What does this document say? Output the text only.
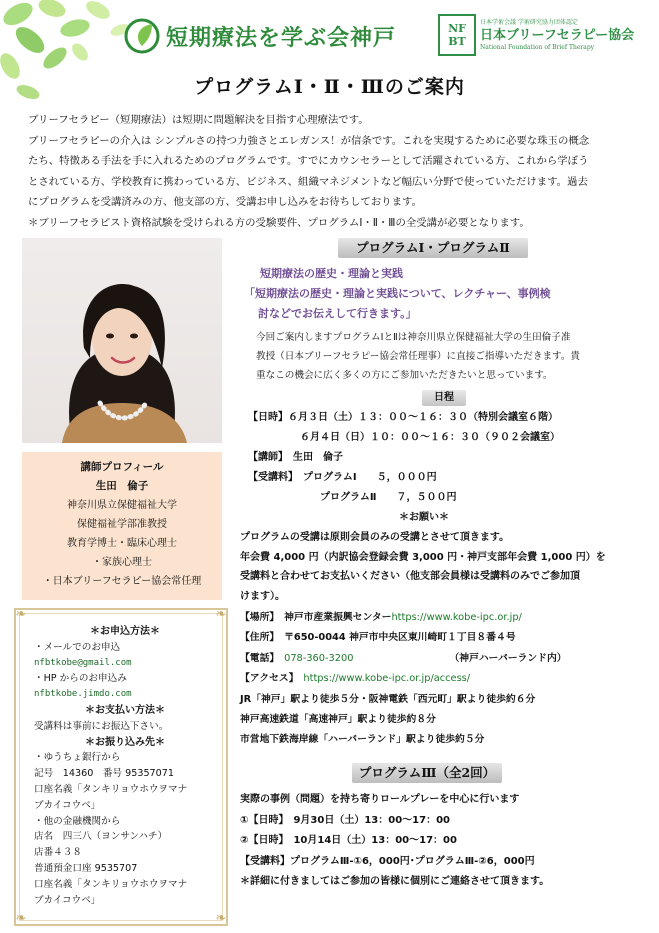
短期療法を学ぶ会神戸	NF
BT
日本学術会議 学術研究協力団体認定
日本ブリーフセラピー協会
National Foundation of Brief Therapy
プログラムⅠ・Ⅱ・Ⅲのご案内

ブリーフセラピー（短期療法）は短期に問題解決を目指す心理療法です。

ブリーフセラピーの介入は シンプルさの持つ力強さとエレガンス！が信条です。これを実現するために必要な珠玉の概念

たち、特徴ある手法を手に入れるためのプログラムです。すでにカウンセラーとして活躍されている方、これから学ぼう

とされている方、学校教育に携わっている方、ビジネス、組織マネジメントなど幅広い分野で使っていただけます。過去

にプログラムを受講済みの方、他支部の方、受講お申し込みをお待ちしております。

＊ブリーフセラピスト資格試験を受けられる方の受験要件、プログラムⅠ・Ⅱ・Ⅲの全受講が必要となります。

講師プロフィール
生田　倫子
神奈川県立保健福祉大学
保健福祉学部准教授
教育学博士・臨床心理士
・家族心理士
・日本ブリーフセラピー協会常任理
❧	❧
❧	❧
＊お申込方法＊
・メールでのお申込
nfbtkobe@gmail.com
・HP からのお申込み
nfbtkobe.jimdo.com
＊お支払い方法＊
受講料は事前にお振込下さい。
＊お振り込み先＊
・ゆうちょ銀行から
記号　14360　番号 95357071
口座名義「タンキリョウホウヲマナ
ブカイコウベ」
・他の金融機関から
店名　四三八（ヨンサンハチ）
店番４３８
普通預金口座 9535707
口座名義「タンキリョウホウヲマナ
ブカイコウベ」
プログラムⅠ・プログラムⅡ
短期療法の歴史・理論と実践
「短期療法の歴史・理論と実践について、レクチャー、事例検
討などでお伝えして行きます。」
今回ご案内しますプログラムⅠとⅡは神奈川県立保健福祉大学の生田倫子准
教授（日本ブリーフセラピー協会常任理事）に直接ご指導いただきます。貴
重なこの機会に広く多くの方にご参加いただきたいと思っています。
日程
【日時】６月３日（土）１３：００～１６：３０（特別会議室６階）
６月４日（日）１０：００～１６：３０（９０２会議室）
【講師】　生田　倫子
【受講料】　 プログラムⅠ　　５，０００円
プログラムⅡ　　７，５００円
＊お願い＊
プログラムの受講は原則会員のみの受講とさせて頂きます。
年会費 4,000 円（内訳協会登録会費 3,000 円・神戸支部年会費 1,000 円）を
受講料と合わせてお支払いください（他支部会員様は受講料のみでご参加頂
けます）。
【場所】　神戸市産業振興センターhttps://www.kobe-ipc.or.jp/
【住所】　〒650-0044 神戸市中央区東川崎町１丁目８番４号
【電話】　 078-360-3200	（神戸ハーバーランド内）
【アクセス】　 https://www.kobe-ipc.or.jp/access/
JR「神戸」駅より徒歩５分・阪神電鉄「西元町」駅より徒歩約６分
神戸高速鉄道「高速神戸」駅より徒歩約８分
市営地下鉄海岸線「ハーバーランド」駅より徒歩約５分
プログラムⅢ（全2回）
実際の事例（問題）を持ち寄りロールプレーを中心に行います
①【日時】　9月30日（土）13：00～17：00
②【日時】　10月14日（土）13：00～17：00
【受講料】プログラムⅢ-①6，000円･プログラムⅢ-②6，000円
＊詳細に付きましてはご参加の皆様に個別にご連絡させて頂きます。
